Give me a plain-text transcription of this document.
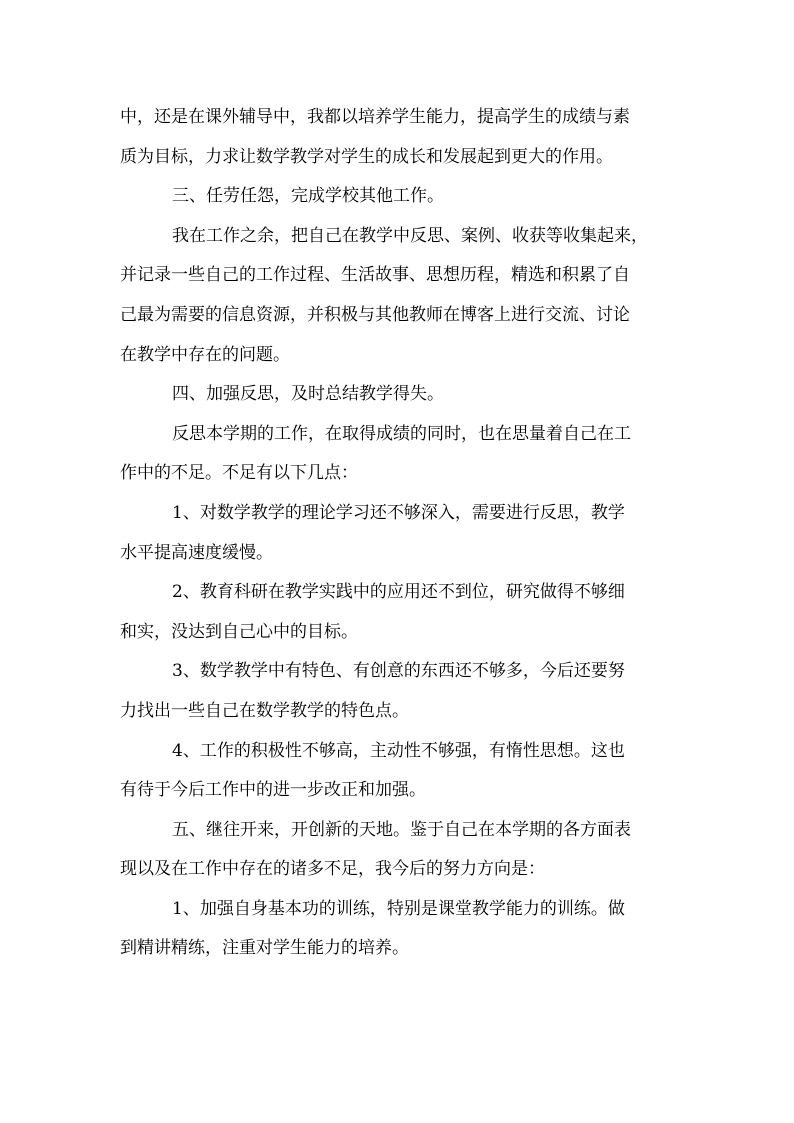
中，还是在课外辅导中，我都以培养学生能力，提高学生的成绩与素
质为目标，力求让数学教学对学生的成长和发展起到更大的作用。
三、任劳任怨，完成学校其他工作。
我在工作之余，把自己在教学中反思、案例、收获等收集起来，
并记录一些自己的工作过程、生活故事、思想历程，精选和积累了自
己最为需要的信息资源，并积极与其他教师在博客上进行交流、讨论
在教学中存在的问题。
四、加强反思，及时总结教学得失。
反思本学期的工作，在取得成绩的同时，也在思量着自己在工
作中的不足。不足有以下几点：
1、对数学教学的理论学习还不够深入，需要进行反思，教学
水平提高速度缓慢。
2、教育科研在教学实践中的应用还不到位，研究做得不够细
和实，没达到自己心中的目标。
3、数学教学中有特色、有创意的东西还不够多，今后还要努
力找出一些自己在数学教学的特色点。
4、工作的积极性不够高，主动性不够强，有惰性思想。这也
有待于今后工作中的进一步改正和加强。
五、继往开来，开创新的天地。鉴于自己在本学期的各方面表
现以及在工作中存在的诸多不足，我今后的努力方向是：
1、加强自身基本功的训练，特别是课堂教学能力的训练。做
到精讲精练，注重对学生能力的培养。
